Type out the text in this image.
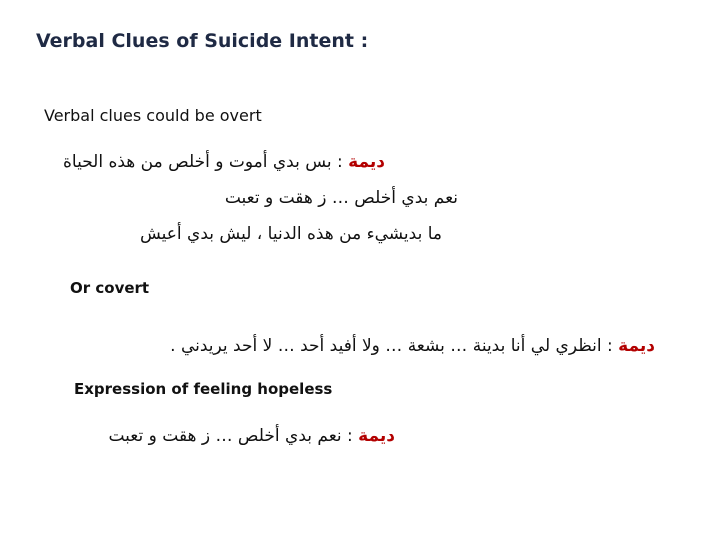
Verbal Clues of Suicide Intent :
Verbal clues could be overt
ديمة : بس بدي أموت و أخلص من هذه الحياة
نعم بدي أخلص … ز هقت و تعبت
ما بديشيء من هذه الدنيا ، ليش بدي أعيش
Or covert
ديمة : انظري لي أنا بدينة … بشعة … ولا أفيد أحد … لا أحد يريدني .
Expression of feeling hopeless
ديمة : نعم بدي أخلص … ز هقت و تعبت
